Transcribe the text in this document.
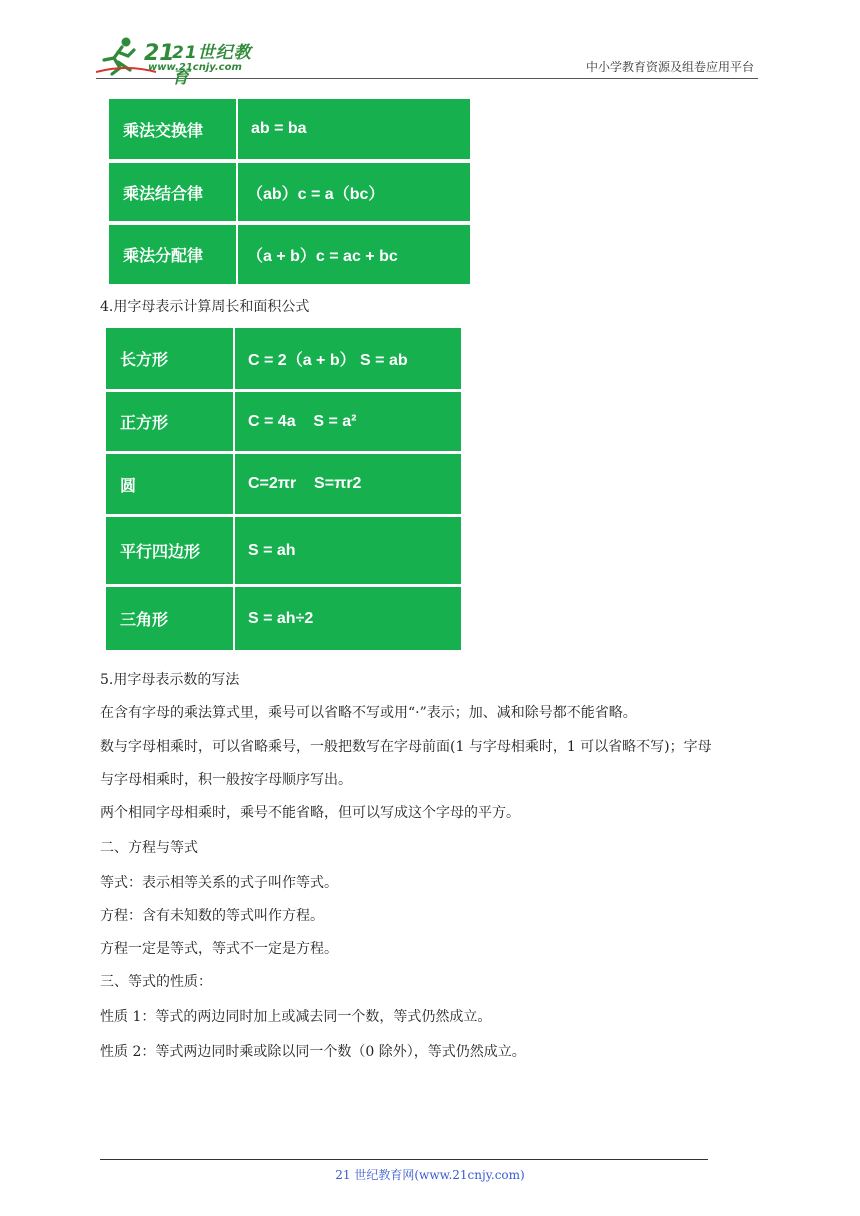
21
21世纪教育
www.21cnjy.com	中小学教育资源及组卷应用平台
乘法交换律	ab = ba
乘法结合律	（ab）c = a（bc）
乘法分配律	（a + b）c = ac + bc
4.用字母表示计算周长和面积公式
长方形	C = 2（a + b） S = ab
正方形	C = 4a    S = a²
圆	C=2πr    S=πr2
平行四边形	S = ah
三角形	S = ah÷2
5.用字母表示数的写法
在含有字母的乘法算式里，乘号可以省略不写或用“·”表示；加、减和除号都不能省略。
数与字母相乘时，可以省略乘号，一般把数写在字母前面(1 与字母相乘时，1 可以省略不写)；字母
与字母相乘时，积一般按字母顺序写出。
两个相同字母相乘时，乘号不能省略，但可以写成这个字母的平方。
二、方程与等式
等式：表示相等关系的式子叫作等式。
方程：含有未知数的等式叫作方程。
方程一定是等式，等式不一定是方程。
三、等式的性质：
性质 1：等式的两边同时加上或减去同一个数，等式仍然成立。
性质 2：等式两边同时乘或除以同一个数（0 除外），等式仍然成立。
21 世纪教育网(www.21cnjy.com)
